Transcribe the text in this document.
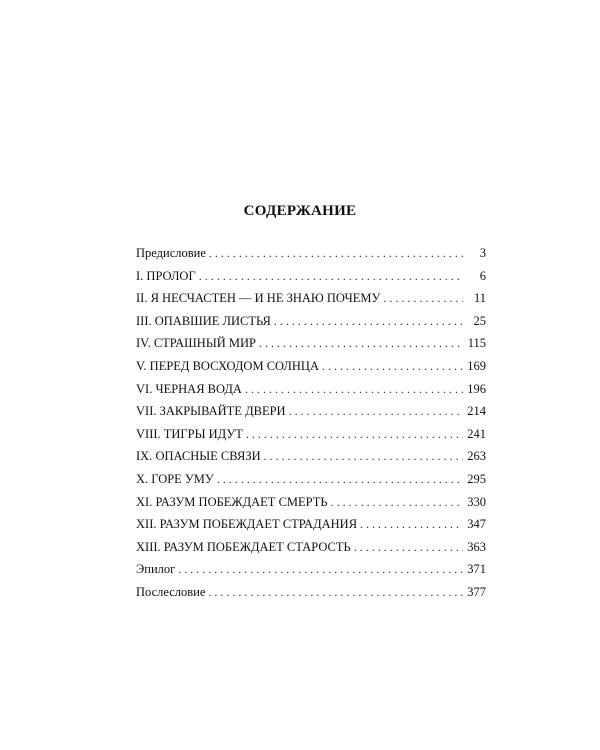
СОДЕРЖАНИЕ
Предисловие . . .	3
I. ПРОЛОГ . . .	6
II. Я НЕСЧАСТЕН — И НЕ ЗНАЮ ПОЧЕМУ . . .	11
III. ОПАВШИЕ ЛИСТЬЯ . . .	25
IV. СТРАШНЫЙ МИР . . .	115
V. ПЕРЕД ВОСХОДОМ СОЛНЦА . . .	169
VI. ЧЕРНАЯ ВОДА . . .	196
VII. ЗАКРЫВАЙТЕ ДВЕРИ . . .	214
VIII. ТИГРЫ ИДУТ . . .	241
IX. ОПАСНЫЕ СВЯЗИ . . .	263
X. ГОРЕ УМУ . . .	295
XI. РАЗУМ ПОБЕЖДАЕТ СМЕРТЬ . . .	330
XII. РАЗУМ ПОБЕЖДАЕТ СТРАДАНИЯ . . .	347
XIII. РАЗУМ ПОБЕЖДАЕТ СТАРОСТЬ . . .	363
Эпилог . . .	371
Послесловие . . .	377
